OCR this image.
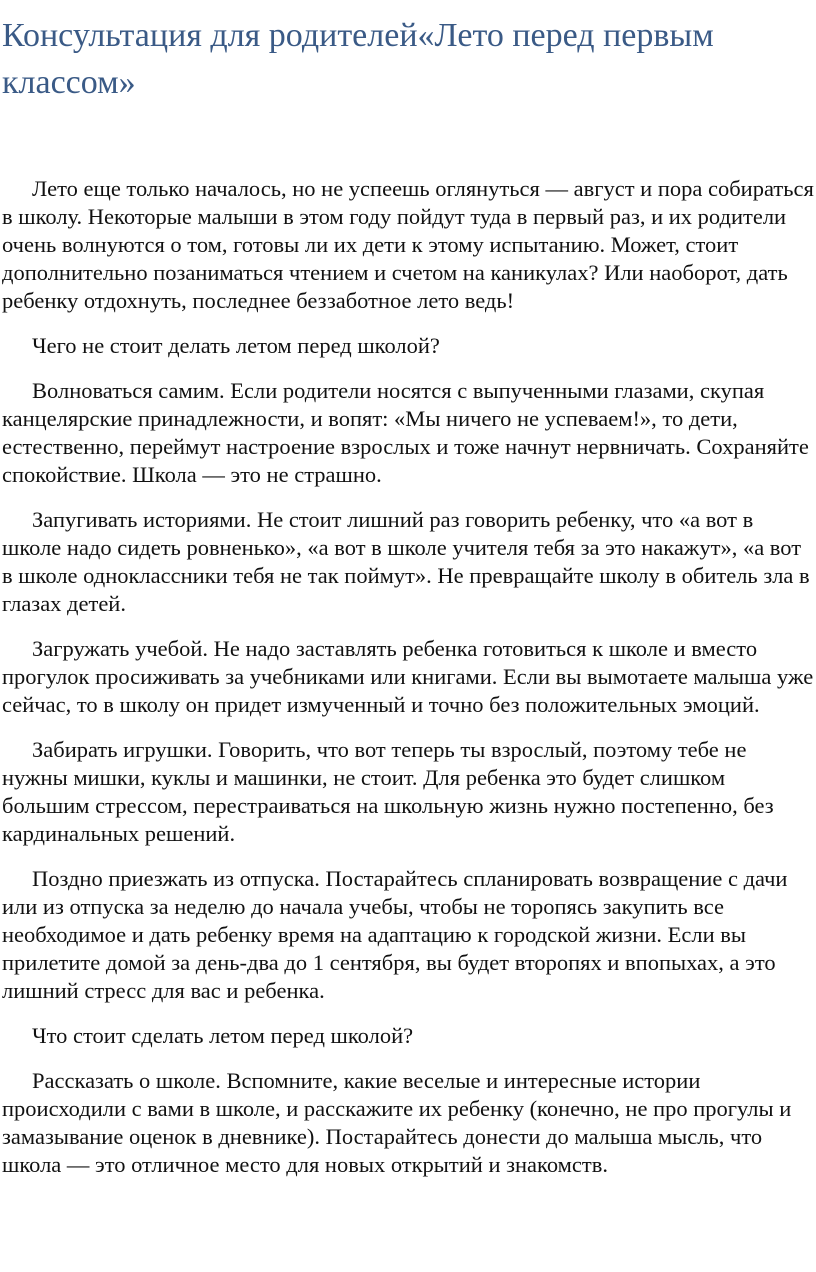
Консультация для родителей«Лето перед первым классом»

Лето еще только началось, но не успеешь оглянуться — август и пора собираться в школу. Некоторые малыши в этом году пойдут туда в первый раз, и их родители очень волнуются о том, готовы ли их дети к этому испытанию. Может, стоит дополнительно позаниматься чтением и счетом на каникулах? Или наоборот, дать ребенку отдохнуть, последнее беззаботное лето ведь!

Чего не стоит делать летом перед школой?

Волноваться самим. Если родители носятся с выпученными глазами, скупая канцелярские принадлежности, и вопят: «Мы ничего не успеваем!», то дети, естественно, переймут настроение взрослых и тоже начнут нервничать. Сохраняйте спокойствие. Школа — это не страшно.

Запугивать историями. Не стоит лишний раз говорить ребенку, что «а вот в школе надо сидеть ровненько», «а вот в школе учителя тебя за это накажут», «а вот в школе одноклассники тебя не так поймут». Не превращайте школу в обитель зла в глазах детей.

Загружать учебой. Не надо заставлять ребенка готовиться к школе и вместо прогулок просиживать за учебниками или книгами. Если вы вымотаете малыша уже сейчас, то в школу он придет измученный и точно без положительных эмоций.

Забирать игрушки. Говорить, что вот теперь ты взрослый, поэтому тебе не нужны мишки, куклы и машинки, не стоит. Для ребенка это будет слишком большим стрессом, перестраиваться на школьную жизнь нужно постепенно, без кардинальных решений.

Поздно приезжать из отпуска. Постарайтесь спланировать возвращение с дачи или из отпуска за неделю до начала учебы, чтобы не торопясь закупить все необходимое и дать ребенку время на адаптацию к городской жизни. Если вы прилетите домой за день-два до 1 сентября, вы будет второпях и впопыхах, а это лишний стресс для вас и ребенка.

Что стоит сделать летом перед школой?

Рассказать о школе. Вспомните, какие веселые и интересные истории происходили с вами в школе, и расскажите их ребенку (конечно, не про прогулы и замазывание оценок в дневнике). Постарайтесь донести до малыша мысль, что школа — это отличное место для новых открытий и знакомств.
